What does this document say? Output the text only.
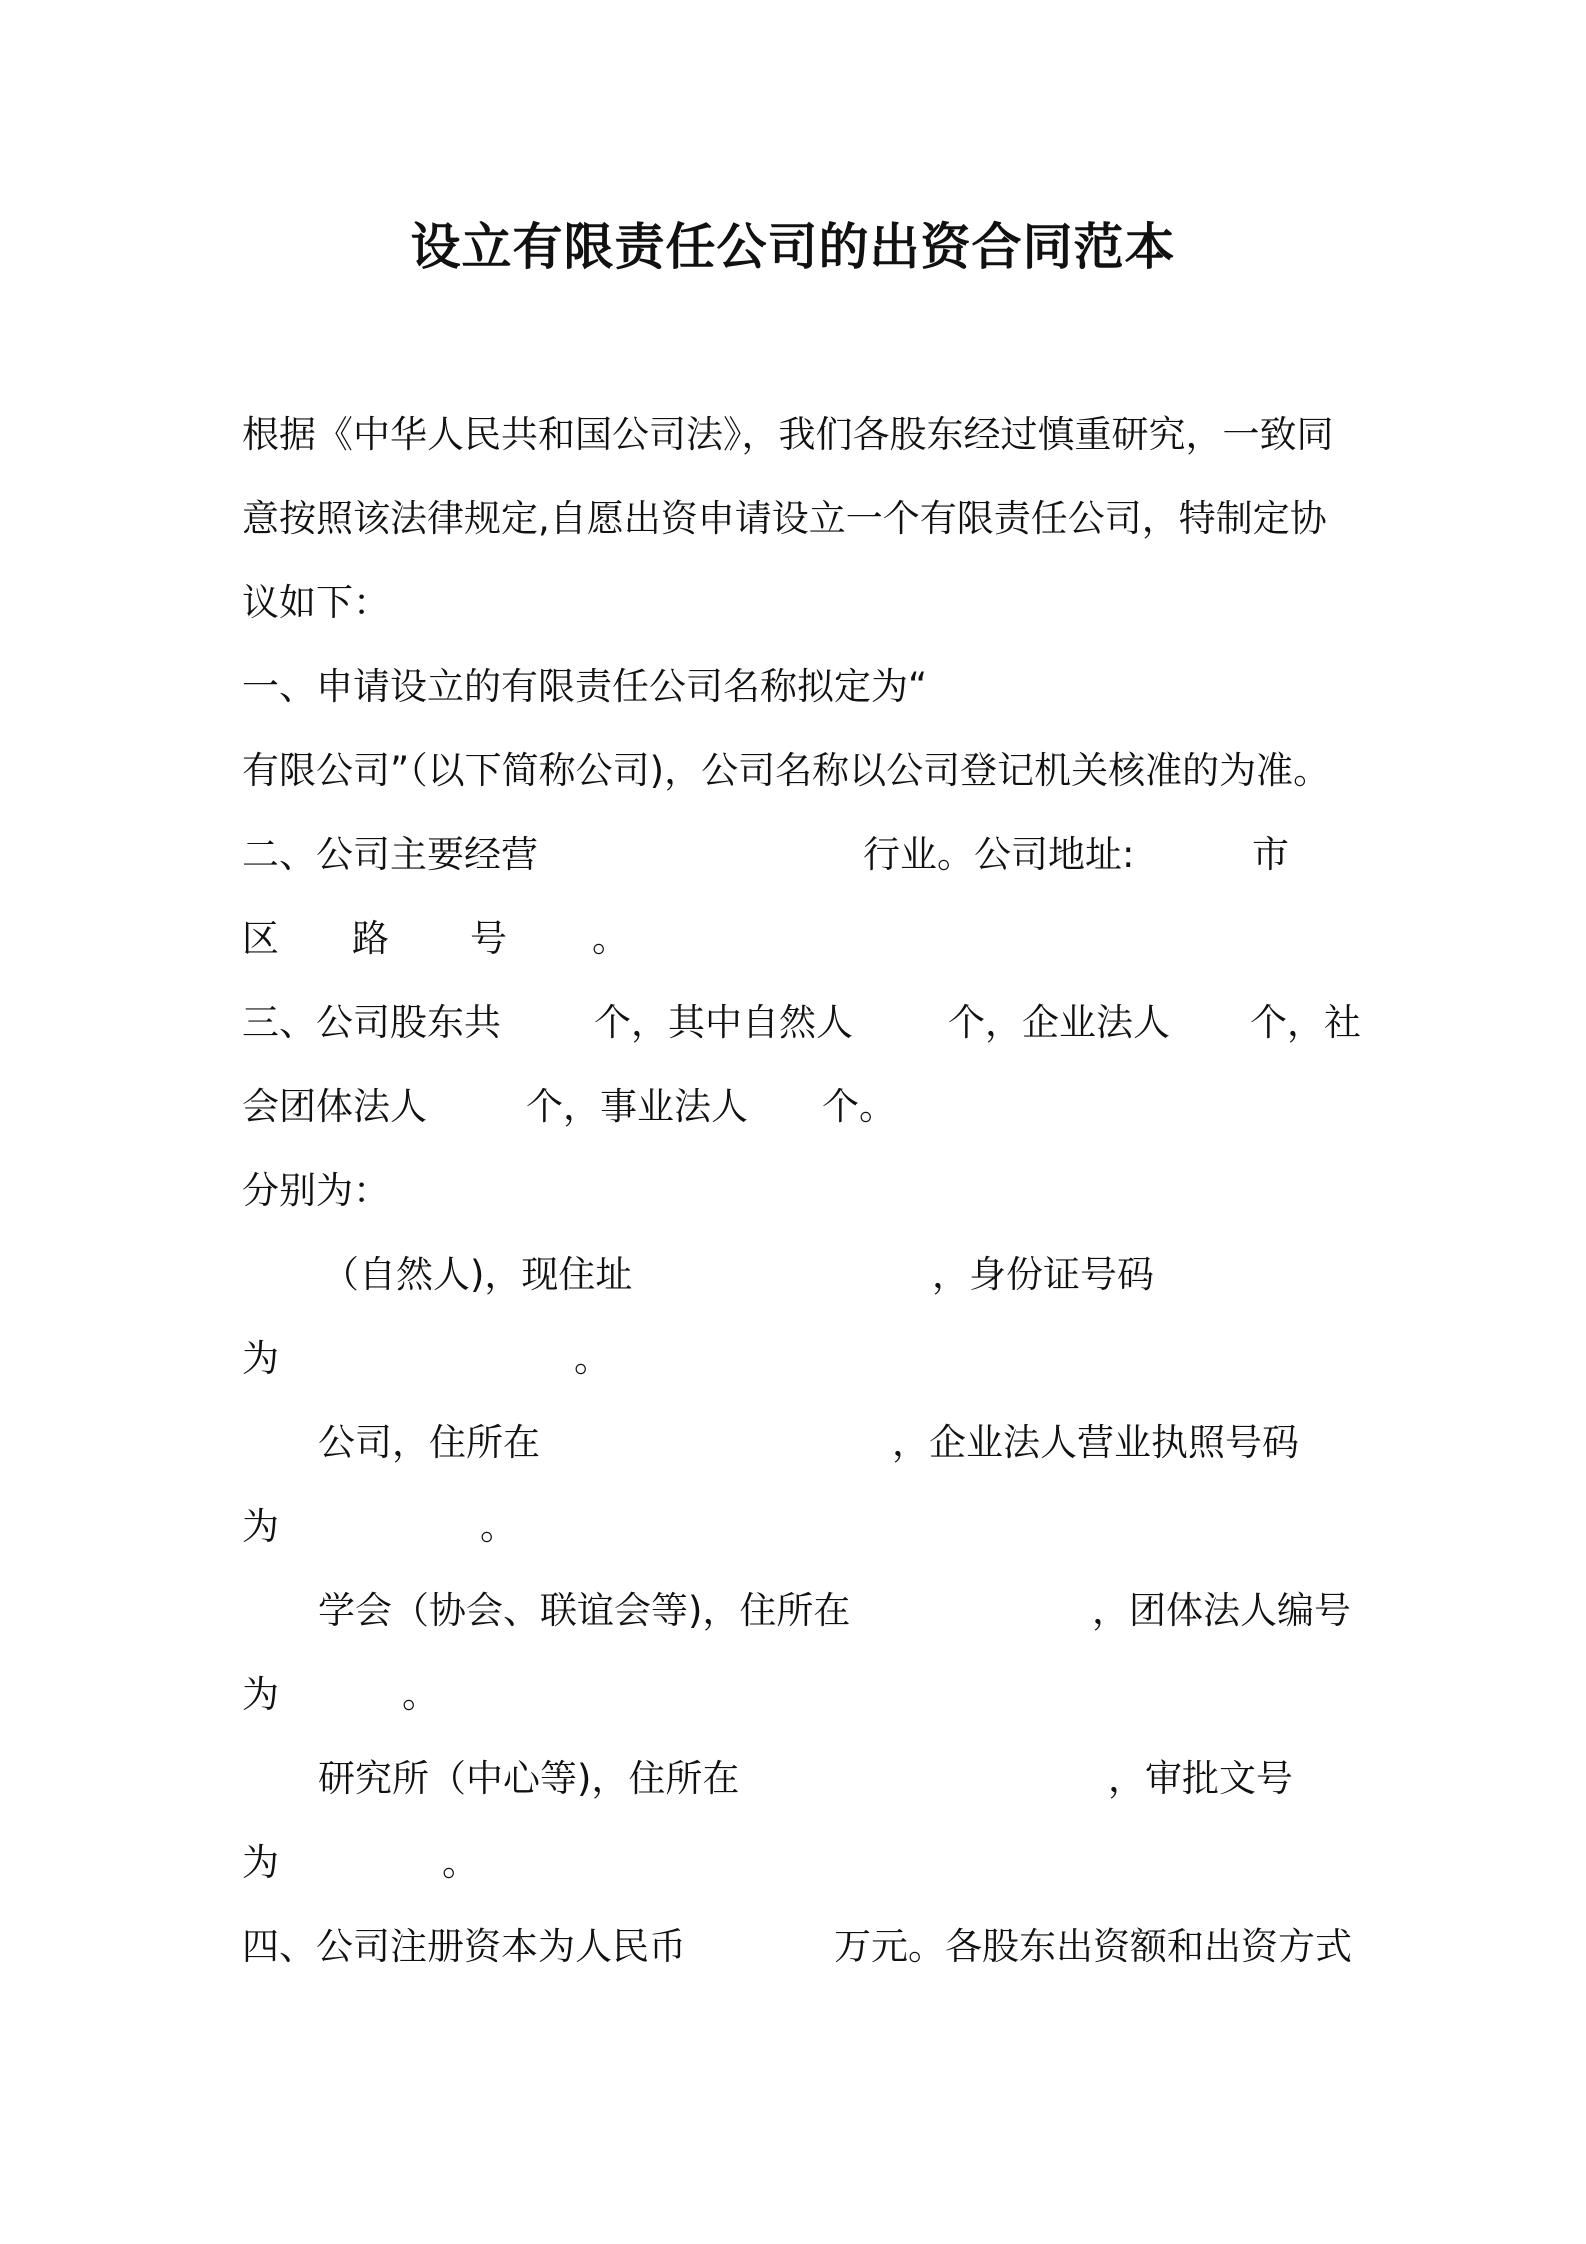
设立有限责任公司的出资合同范本
根据《中华人民共和国公司法》，我们各股东经过慎重研究，一致同
意按照该法律规定,自愿出资申请设立一个有限责任公司，特制定协
议如下：
一、申请设立的有限责任公司名称拟定为“
有限公司”（以下简称公司)，公司名称以公司登记机关核准的为准。
二、公司主要经营	行业。公司地址:	市
区 路 号 。
三、公司股东共	个，其中自然人	个，企业法人 个，社
会团体法人	个，事业法人 个。
分别为：
（自然人)，现住址	，身份证号码
为	。
公司，住所在	，企业法人营业执照号码
为	。
学会（协会、联谊会等)，住所在	，团体法人编号
为	。
研究所（中心等)，住所在	，审批文号
为	。
四、公司注册资本为人民币	万元。各股东出资额和出资方式
